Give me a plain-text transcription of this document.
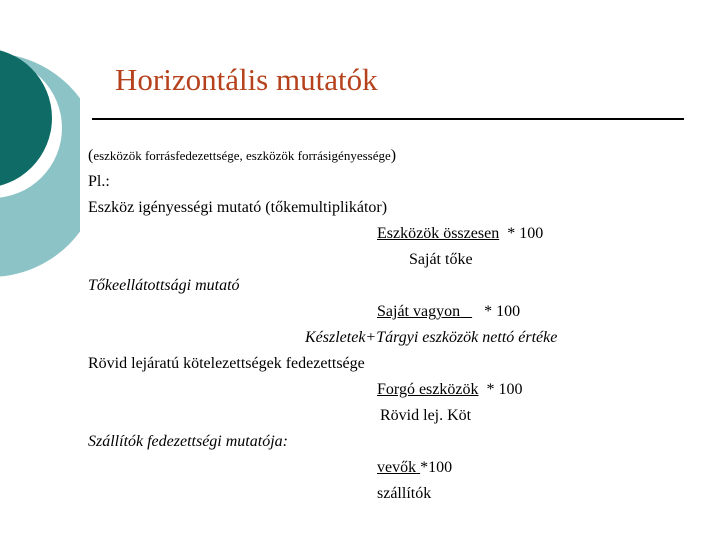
Horizontális mutatók
(eszközök forrásfedezettsége, eszközök forrásigényessége)
Pl.:
Eszköz igényességi mutató (tőkemultiplikátor)
Eszközök összesen * 100
Saját tőke
Tőkeellátottsági mutató
Saját vagyon * 100
Készletek+Tárgyi eszközök nettó értéke
Rövid lejáratú kötelezettségek fedezettsége
Forgó eszközök * 100
Rövid lej. Köt
Szállítók fedezettségi mutatója:
vevők *100
szállítók
